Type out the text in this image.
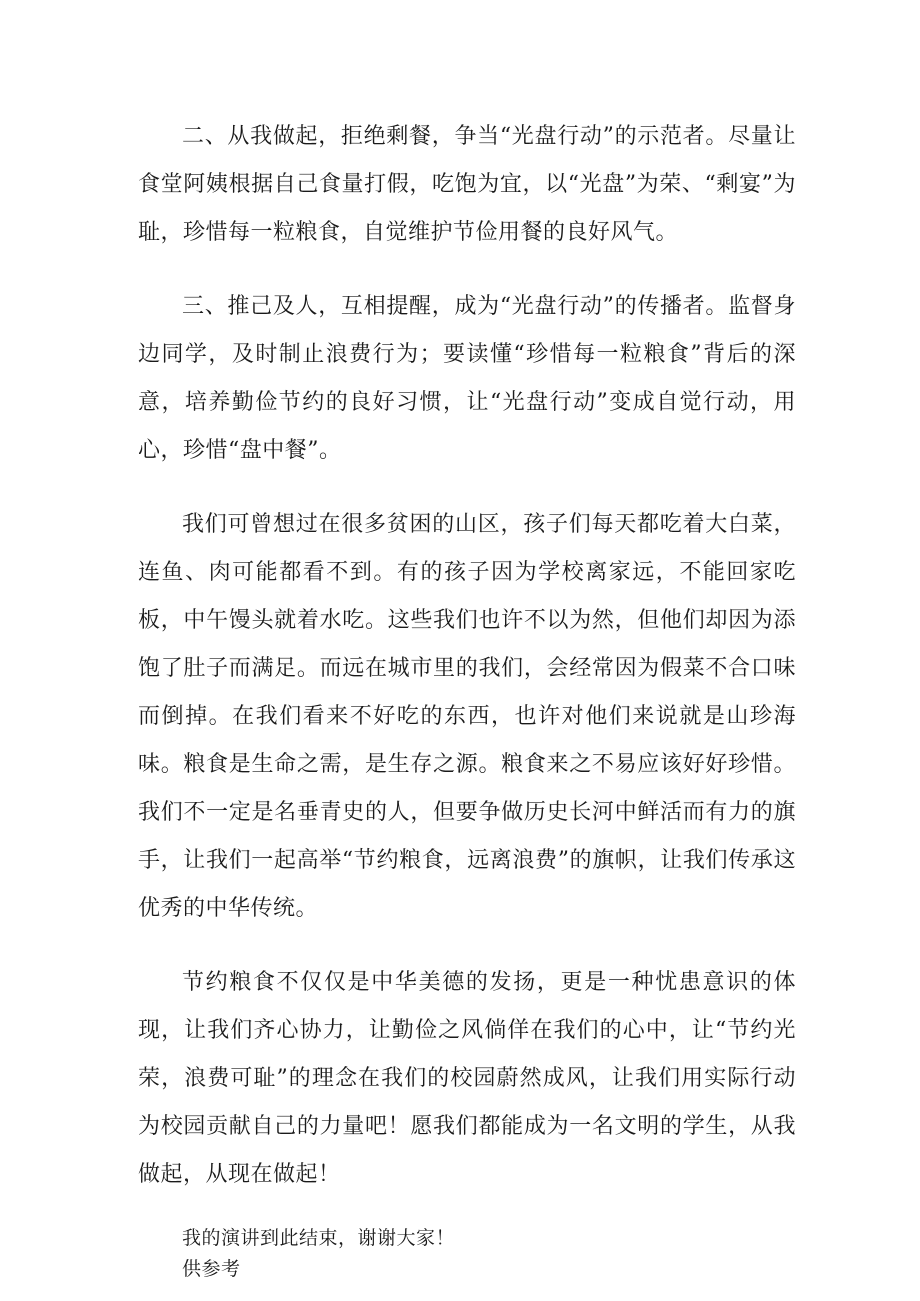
二、从我做起，拒绝剩餐，争当“光盘行动”的示范者。尽量让食堂阿姨根据自己食量打假，吃饱为宜，以“光盘”为荣、“剩宴”为耻，珍惜每一粒粮食，自觉维护节俭用餐的良好风气。

三、推己及人，互相提醒，成为“光盘行动”的传播者。监督身边同学，及时制止浪费行为；要读懂“珍惜每一粒粮食”背后的深意，培养勤俭节约的良好习惯，让“光盘行动”变成自觉行动，用心，珍惜“盘中餐”。

我们可曾想过在很多贫困的山区，孩子们每天都吃着大白菜，连鱼、肉可能都看不到。有的孩子因为学校离家远，不能回家吃板，中午馒头就着水吃。这些我们也许不以为然，但他们却因为添饱了肚子而满足。而远在城市里的我们，会经常因为假菜不合口味而倒掉。在我们看来不好吃的东西，也许对他们来说就是山珍海味。粮食是生命之需，是生存之源。粮食来之不易应该好好珍惜。我们不一定是名垂青史的人，但要争做历史长河中鲜活而有力的旗手，让我们一起高举“节约粮食，远离浪费”的旗帜，让我们传承这优秀的中华传统。

节约粮食不仅仅是中华美德的发扬，更是一种忧患意识的体现，让我们齐心协力，让勤俭之风倘佯在我们的心中，让“节约光荣，浪费可耻”的理念在我们的校园蔚然成风，让我们用实际行动为校园贡献自己的力量吧！愿我们都能成为一名文明的学生，从我做起，从现在做起！

我的演讲到此结束，谢谢大家！

供参考
